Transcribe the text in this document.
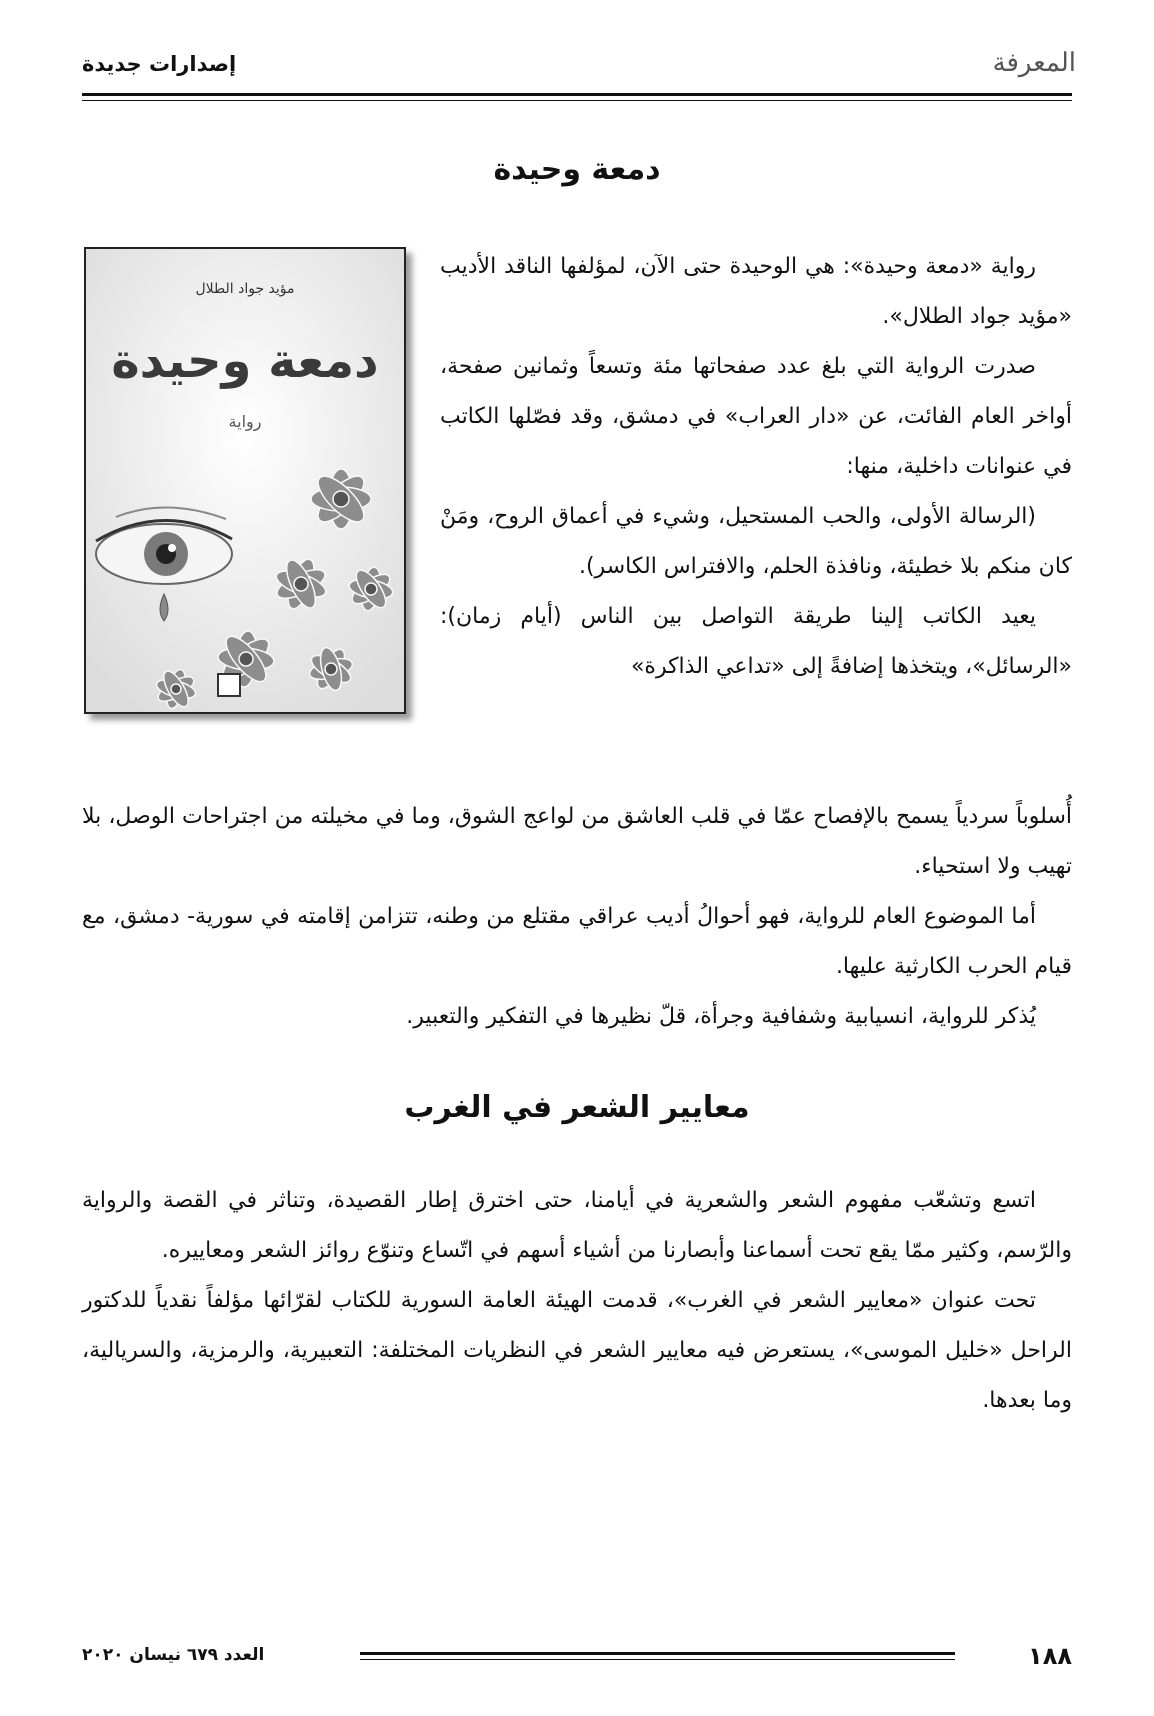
المعرفة
إصدارات جديدة
دمعة وحيدة
مؤيد جواد الطلال
دمعة وحيدة
رواية

رواية «دمعة وحيدة»: هي الوحيدة حتى الآن، لمؤلفها الناقد الأديب «مؤيد جواد الطلال».

صدرت الرواية التي بلغ عدد صفحاتها مئة وتسعاً وثمانين صفحة، أواخر العام الفائت، عن «دار العراب» في دمشق، وقد فصّلها الكاتب في عنوانات داخلية، منها:

(الرسالة الأولى، والحب المستحيل، وشيء في أعماق الروح، ومَنْ كان منكم بلا خطيئة، ونافذة الحلم، والافتراس الكاسر).

يعيد الكاتب إلينا طريقة التواصل بين الناس (أيام زمان): «الرسائل»، ويتخذها إضافةً إلى «تداعي الذاكرة»

أُسلوباً سردياً يسمح بالإفصاح عمّا في قلب العاشق من لواعج الشوق، وما في مخيلته من اجتراحات الوصل، بلا تهيب ولا استحياء.

أما الموضوع العام للرواية، فهو أحوالُ أديب عراقي مقتلع من وطنه، تتزامن إقامته في سورية- دمشق، مع قيام الحرب الكارثية عليها.

يُذكر للرواية، انسيابية وشفافية وجرأة، قلّ نظيرها في التفكير والتعبير.

معايير الشعر في الغرب

اتسع وتشعّب مفهوم الشعر والشعرية في أيامنا، حتى اخترق إطار القصيدة، وتناثر في القصة والرواية والرّسم، وكثير ممّا يقع تحت أسماعنا وأبصارنا من أشياء أسهم في اتّساع وتنوّع روائز الشعر ومعاييره.

تحت عنوان «معايير الشعر في الغرب»، قدمت الهيئة العامة السورية للكتاب لقرّائها مؤلفاً نقدياً للدكتور الراحل «خليل الموسى»، يستعرض فيه معايير الشعر في النظريات المختلفة: التعبيرية، والرمزية، والسريالية، وما بعدها.

١٨٨
العدد ٦٧٩ نيسان ٢٠٢٠
